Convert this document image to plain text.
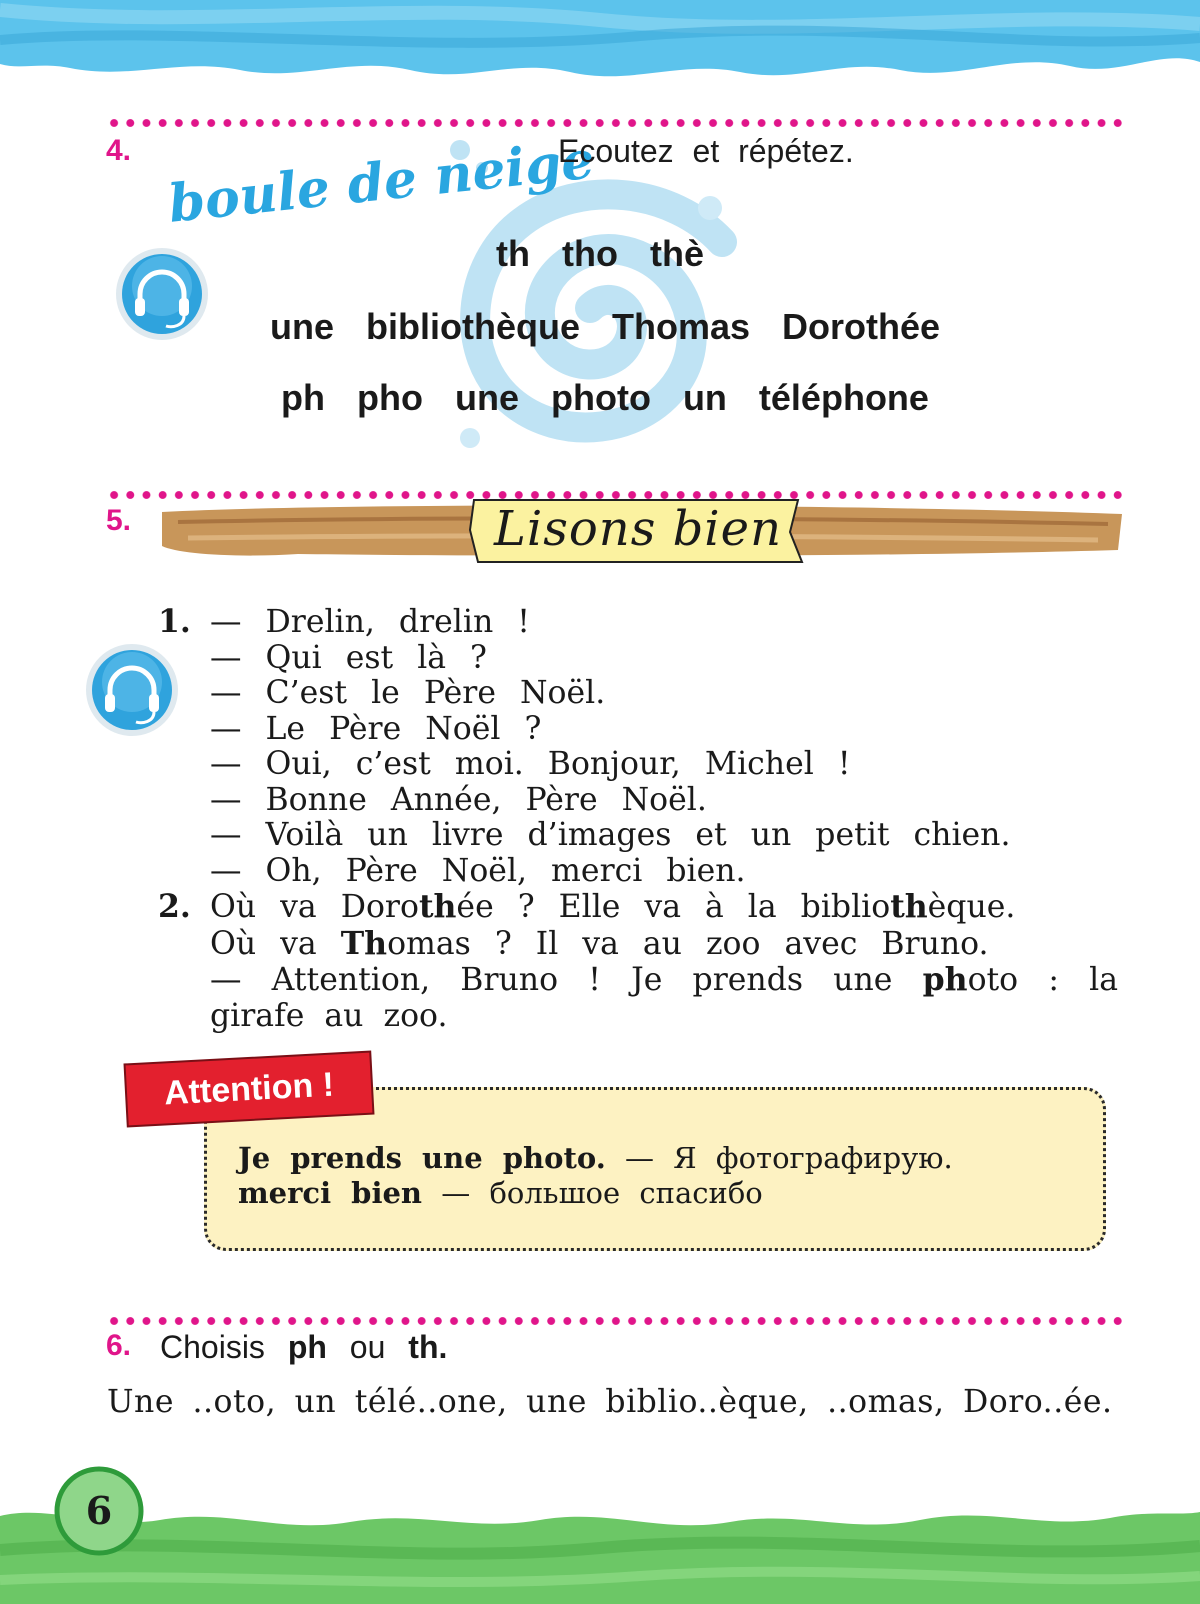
4. boule de neige
Ecoutez et répétez.
th tho thè
une bibliothèque Thomas Dorothée
ph pho une photo un téléphone
5.	Lisons bien
1. — Drelin, drelin !
— Qui est là ?
— C’est le Père Noël.
— Le Père Noël ?
— Oui, c’est moi. Bonjour, Michel !
— Bonne Année, Père Noël.
— Voilà un livre d’images et un petit chien.
— Oh, Père Noël, merci bien.
2. Où va Dorothée ? Elle va à la bibliothèque.
Où va Thomas ? Il va au zoo avec Bruno.
— Attention, Bruno ! Je prends une photo : la girafe au zoo.
Attention !
Je prends une photo. — Я фотографирую.
merci bien — большое спасибо
6. Choisis ph ou th.
Une ..oto, un télé..one, une biblio..èque, ..omas, Doro..ée.
6
